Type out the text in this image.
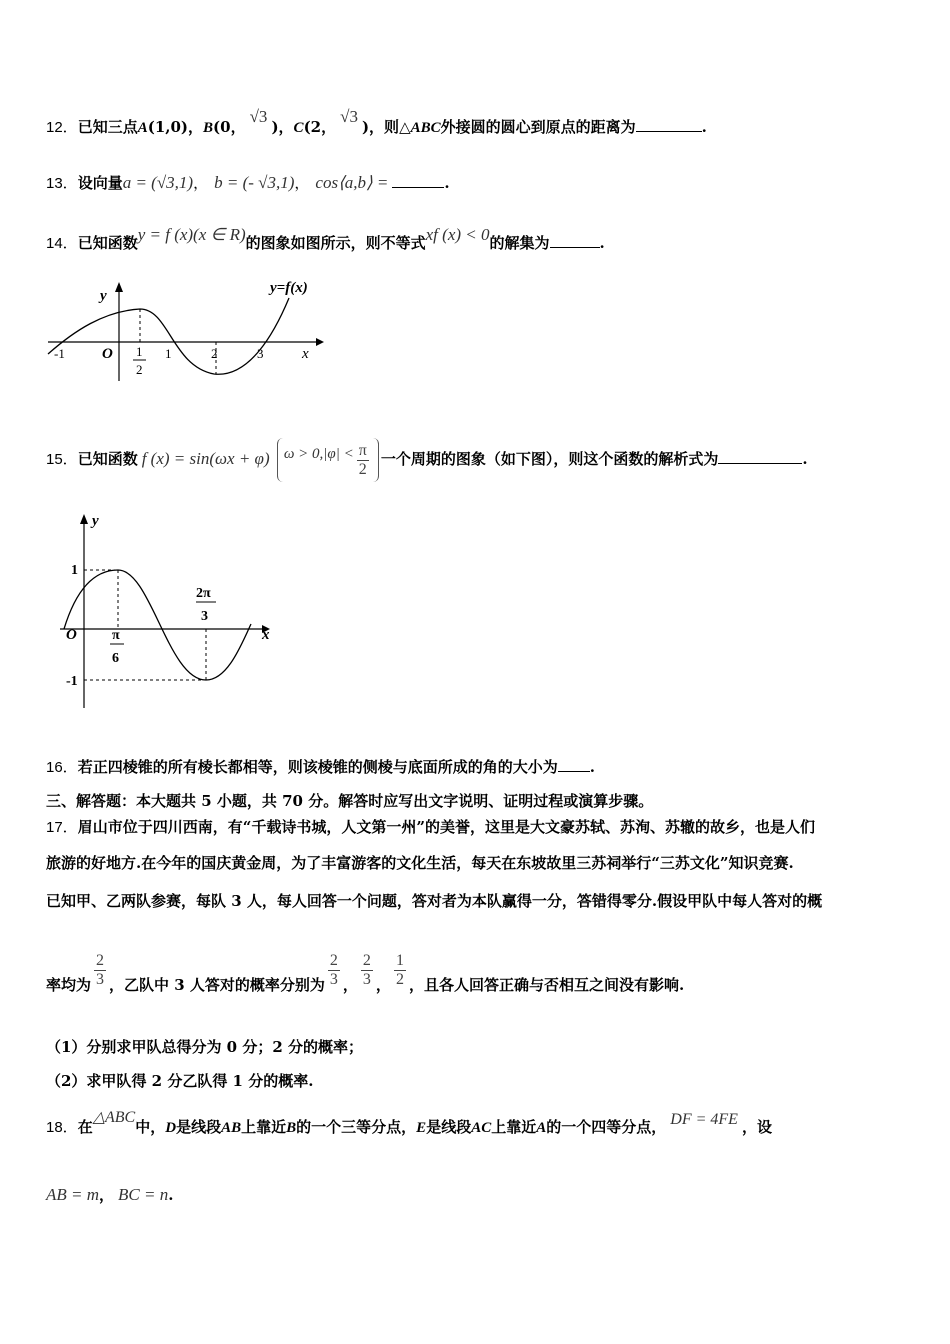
12．已知三点A(1,0)，B(0，√3)，C(2，√3)，则△ABC外接圆的圆心到原点的距离为	.
13．设向量a = (√3,1)， b = (- √3,1)， cos⟨a,b⟩ =	.
14．已知函数y = f (x)(x ∈ R)的图象如图所示，则不等式xf (x) < 0的解集为	.
y
x
y=f(x)
O
-1	1	2	3
1
2
15．已知函数 f (x) = sin(ωx + φ) $\omega > 0,|\varphi| < \frac{\pi}{2}$ 一个周期的图象（如下图），则这个函数的解析式为	.
y
x
O
1
-1
π
6
2π
3
16．若正四棱锥的所有棱长都相等，则该棱锥的侧棱与底面所成的角的大小为 .
三、解答题：本大题共 5 小题，共 70 分。解答时应写出文字说明、证明过程或演算步骤。
17．眉山市位于四川西南，有“千载诗书城，人文第一州”的美誉，这里是大文豪苏轼、苏洵、苏辙的故乡，也是人们
旅游的好地方.在今年的国庆黄金周，为了丰富游客的文化生活，每天在东坡故里三苏祠举行“三苏文化”知识竞赛.
已知甲、乙两队参赛，每队 3 人，每人回答一个问题，答对者为本队赢得一分，答错得零分.假设甲队中每人答对的概
率均为 $\frac{2}{3}$ ，乙队中 3 人答对的概率分别为 $\frac{2}{3}$ ， $\frac{2}{3}$ ， $\frac{1}{2}$ ，且各人回答正确与否相互之间没有影响.
（1）分别求甲队总得分为 0 分；2 分的概率；
（2）求甲队得 2 分乙队得 1 分的概率.
18．在△ABC中，D是线段AB上靠近B的一个三等分点，E是线段AC上靠近A的一个四等分点， DF = 4FE ，设
AB = m， BC = n.
